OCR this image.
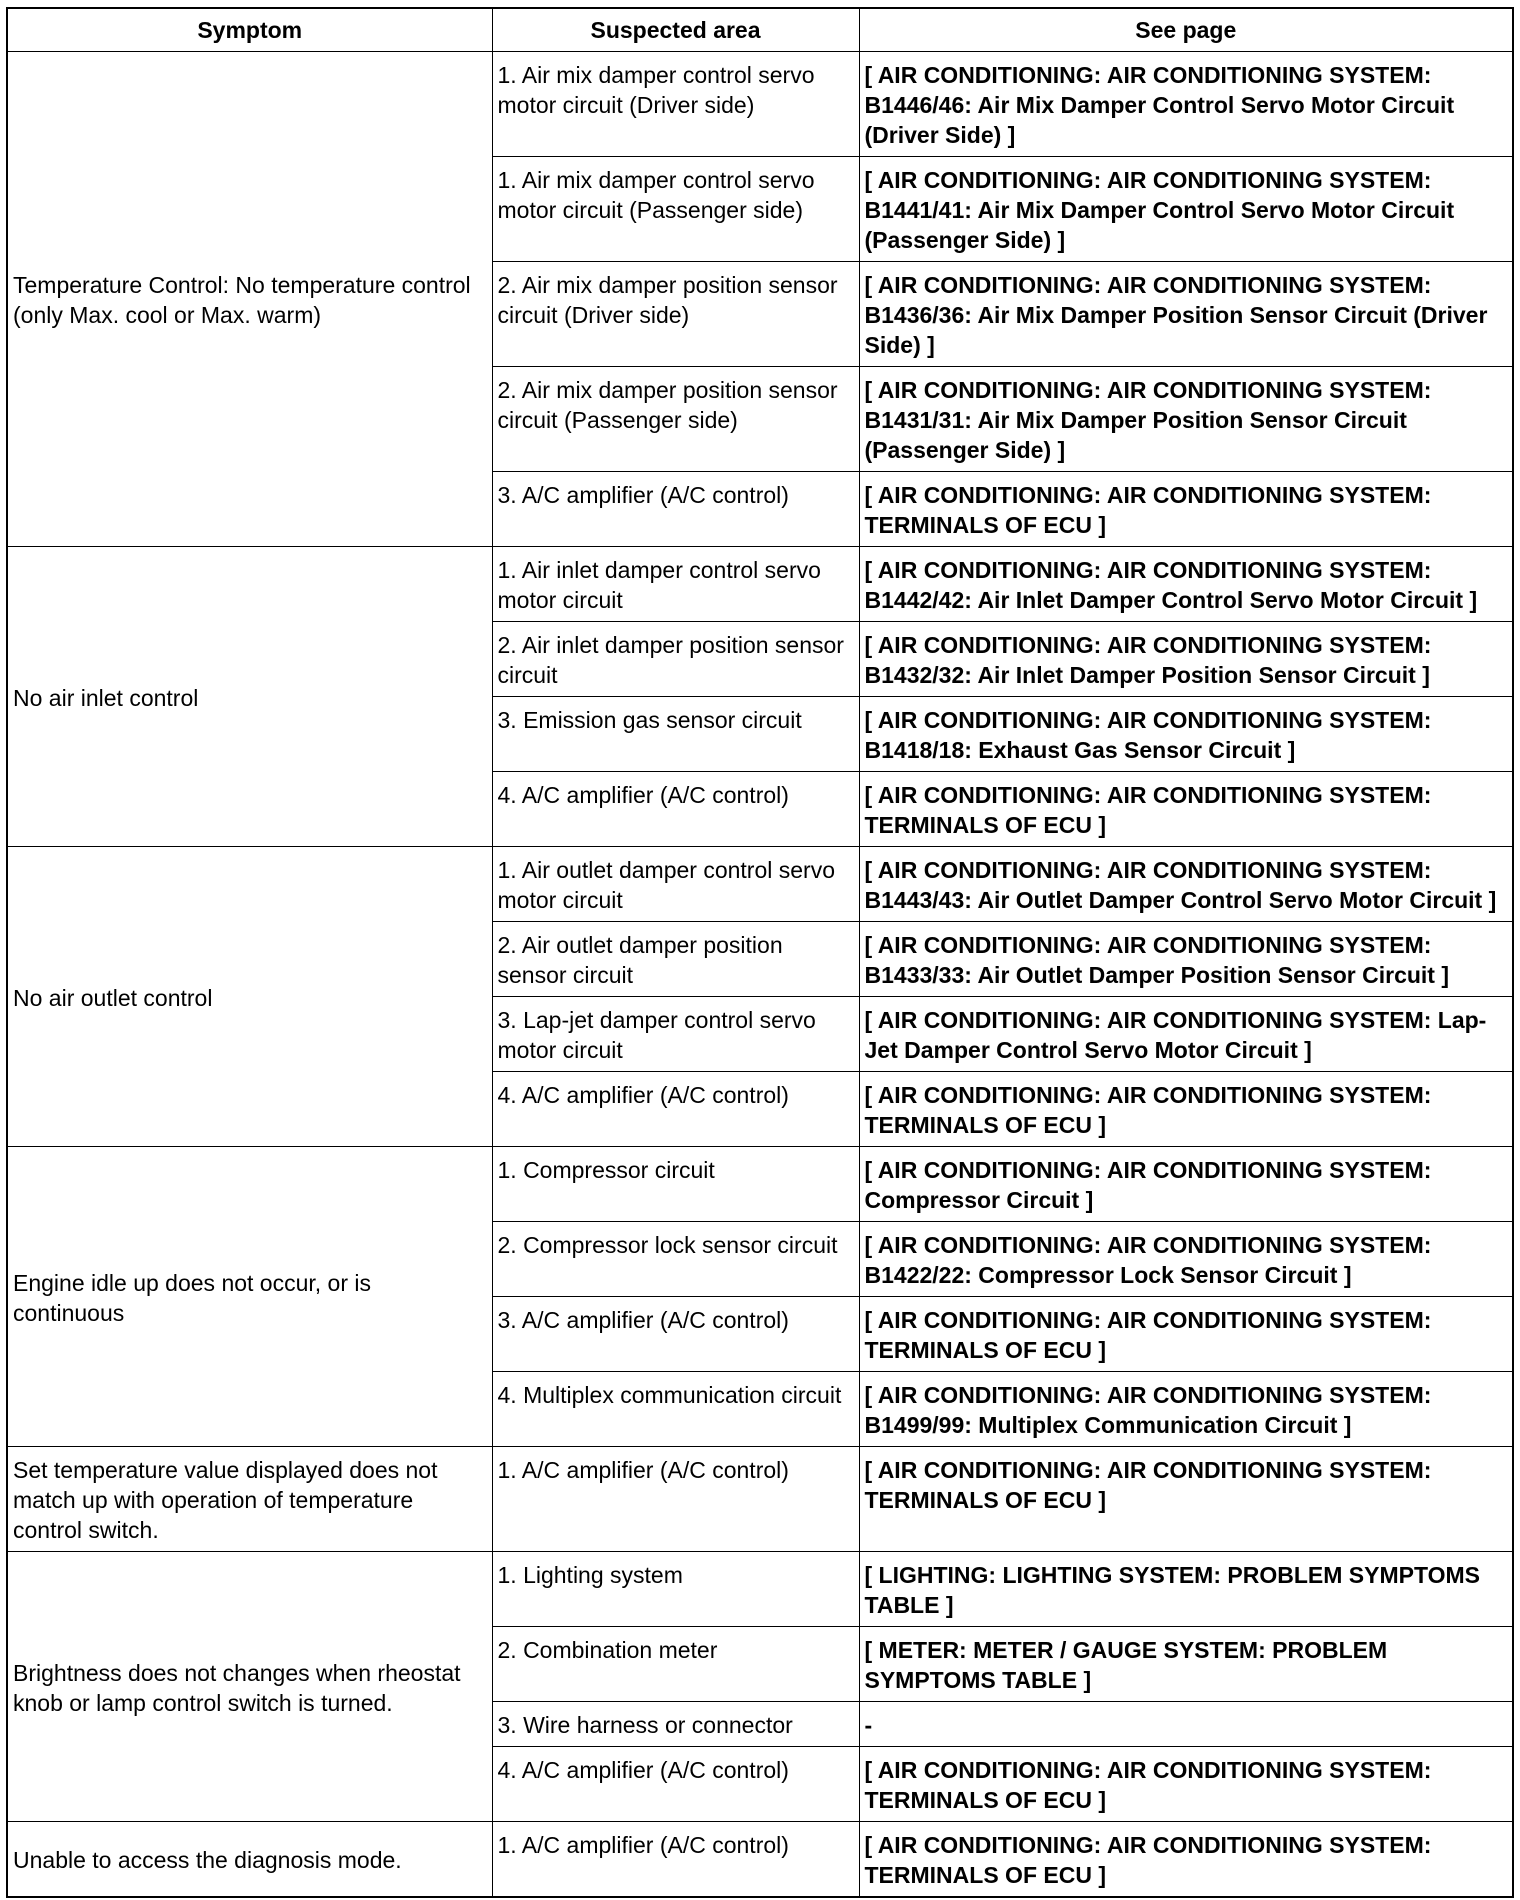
Symptom	Suspected area	See page
Temperature Control: No temperature control (only Max. cool or Max. warm)	1. Air mix damper control servo motor circuit (Driver side)	[ AIR CONDITIONING: AIR CONDITIONING SYSTEM: B1446/46: Air Mix Damper Control Servo Motor Circuit (Driver Side) ]
	1. Air mix damper control servo motor circuit (Passenger side)	[ AIR CONDITIONING: AIR CONDITIONING SYSTEM: B1441/41: Air Mix Damper Control Servo Motor Circuit (Passenger Side) ]
	2. Air mix damper position sensor circuit (Driver side)	[ AIR CONDITIONING: AIR CONDITIONING SYSTEM: B1436/36: Air Mix Damper Position Sensor Circuit (Driver Side) ]
	2. Air mix damper position sensor circuit (Passenger side)	[ AIR CONDITIONING: AIR CONDITIONING SYSTEM: B1431/31: Air Mix Damper Position Sensor Circuit (Passenger Side) ]
	3. A/C amplifier (A/C control)	[ AIR CONDITIONING: AIR CONDITIONING SYSTEM: TERMINALS OF ECU ]
No air inlet control	1. Air inlet damper control servo motor circuit	[ AIR CONDITIONING: AIR CONDITIONING SYSTEM: B1442/42: Air Inlet Damper Control Servo Motor Circuit ]
	2. Air inlet damper position sensor circuit	[ AIR CONDITIONING: AIR CONDITIONING SYSTEM: B1432/32: Air Inlet Damper Position Sensor Circuit ]
	3. Emission gas sensor circuit	[ AIR CONDITIONING: AIR CONDITIONING SYSTEM: B1418/18: Exhaust Gas Sensor Circuit ]
	4. A/C amplifier (A/C control)	[ AIR CONDITIONING: AIR CONDITIONING SYSTEM: TERMINALS OF ECU ]
No air outlet control	1. Air outlet damper control servo motor circuit	[ AIR CONDITIONING: AIR CONDITIONING SYSTEM: B1443/43: Air Outlet Damper Control Servo Motor Circuit ]
	2. Air outlet damper position sensor circuit	[ AIR CONDITIONING: AIR CONDITIONING SYSTEM: B1433/33: Air Outlet Damper Position Sensor Circuit ]
	3. Lap-jet damper control servo motor circuit	[ AIR CONDITIONING: AIR CONDITIONING SYSTEM: Lap-Jet Damper Control Servo Motor Circuit ]
	4. A/C amplifier (A/C control)	[ AIR CONDITIONING: AIR CONDITIONING SYSTEM: TERMINALS OF ECU ]
Engine idle up does not occur, or is continuous	1. Compressor circuit	[ AIR CONDITIONING: AIR CONDITIONING SYSTEM: Compressor Circuit ]
	2. Compressor lock sensor circuit	[ AIR CONDITIONING: AIR CONDITIONING SYSTEM: B1422/22: Compressor Lock Sensor Circuit ]
	3. A/C amplifier (A/C control)	[ AIR CONDITIONING: AIR CONDITIONING SYSTEM: TERMINALS OF ECU ]
	4. Multiplex communication circuit	[ AIR CONDITIONING: AIR CONDITIONING SYSTEM: B1499/99: Multiplex Communication Circuit ]
Set temperature value displayed does not match up with operation of temperature control switch.	1. A/C amplifier (A/C control)	[ AIR CONDITIONING: AIR CONDITIONING SYSTEM: TERMINALS OF ECU ]
Brightness does not changes when rheostat knob or lamp control switch is turned.	1. Lighting system	[ LIGHTING: LIGHTING SYSTEM: PROBLEM SYMPTOMS TABLE ]
	2. Combination meter	[ METER: METER / GAUGE SYSTEM: PROBLEM SYMPTOMS TABLE ]
	3. Wire harness or connector	-
	4. A/C amplifier (A/C control)	[ AIR CONDITIONING: AIR CONDITIONING SYSTEM: TERMINALS OF ECU ]
Unable to access the diagnosis mode.	1. A/C amplifier (A/C control)	[ AIR CONDITIONING: AIR CONDITIONING SYSTEM: TERMINALS OF ECU ]
